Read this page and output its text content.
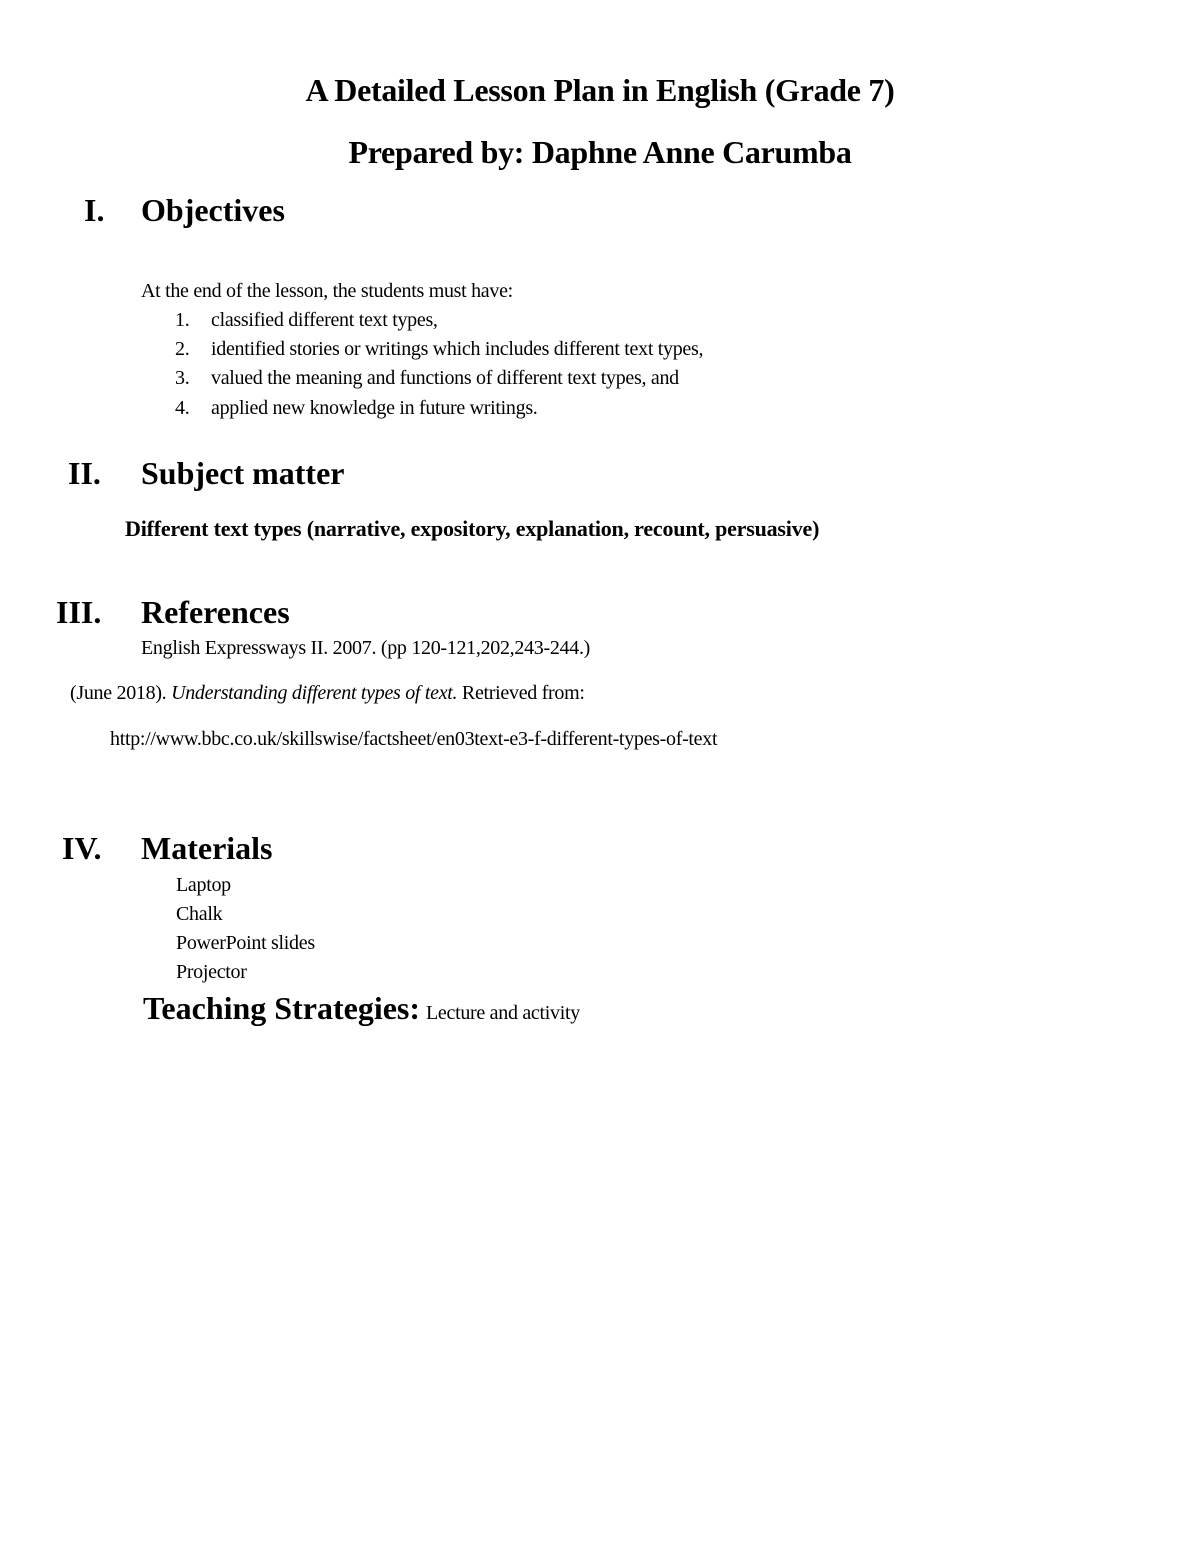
A Detailed Lesson Plan in English (Grade 7)
Prepared by: Daphne Anne Carumba
I. Objectives
At the end of the lesson, the students must have:
1. classified different text types,
2. identified stories or writings which includes different text types,
3. valued the meaning and functions of different text types, and
4. applied new knowledge in future writings.
II. Subject matter
Different text types (narrative, expository, explanation, recount, persuasive)
III. References
English Expressways II. 2007. (pp 120-121,202,243-244.)
(June 2018). Understanding different types of text. Retrieved from:
http://www.bbc.co.uk/skillswise/factsheet/en03text-e3-f-different-types-of-text
IV. Materials
Laptop
Chalk
PowerPoint slides
Projector
Teaching Strategies: Lecture and activity
